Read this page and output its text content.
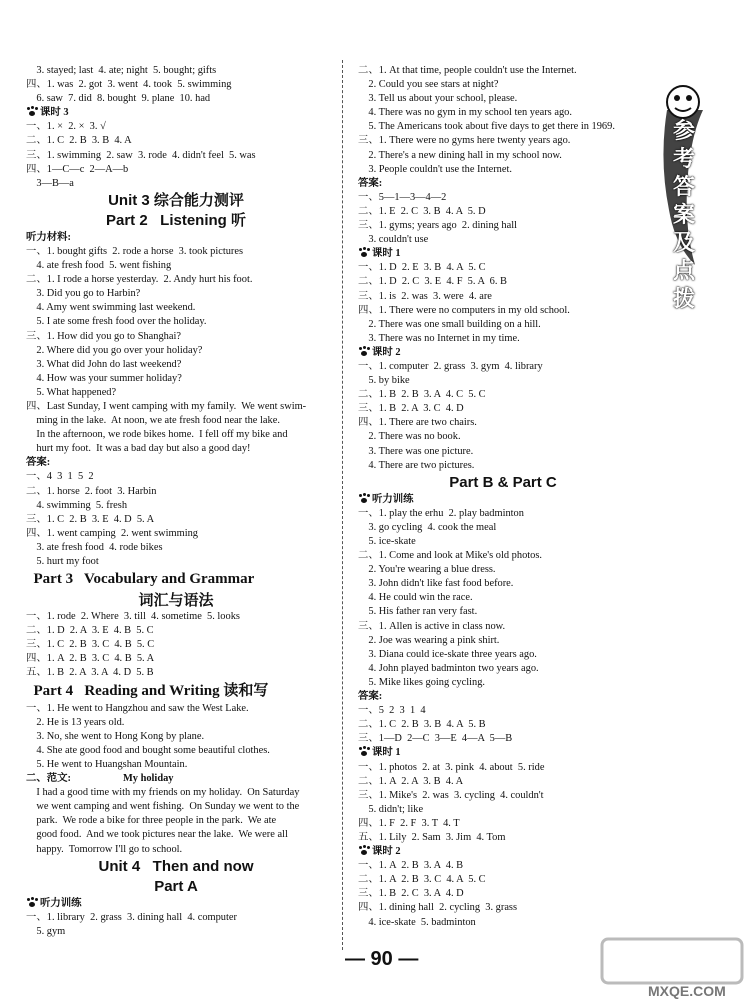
3. stayed; last  4. ate; night  5. bought; gifts
四、1. was  2. got  3. went  4. took  5. swimming
6. saw  7. did  8. bought  9. plane  10. had
课时 3
一、1. ×  2. ×  3. √
二、1. C  2. B  3. B  4. A
三、1. swimming  2. saw  3. rode  4. didn't feel  5. was
四、1—C—c  2—A—b
3—B—a
Unit 3 综合能力测评
Part 2   Listening 听
听力材料:
一、1. bought gifts  2. rode a horse  3. took pictures
4. ate fresh food  5. went fishing
二、1. I rode a horse yesterday.  2. Andy hurt his foot.
3. Did you go to Harbin?
4. Amy went swimming last weekend.
5. I ate some fresh food over the holiday.
三、1. How did you go to Shanghai?
2. Where did you go over your holiday?
3. What did John do last weekend?
4. How was your summer holiday?
5. What happened?
四、Last Sunday, I went camping with my family.  We went swim-
ming in the lake.  At noon, we ate fresh food near the lake.
In the afternoon, we rode bikes home.  I fell off my bike and
hurt my foot.  It was a bad day but also a good day!
答案:
一、4  3  1  5  2
二、1. horse  2. foot  3. Harbin
4. swimming  5. fresh
三、1. C  2. B  3. E  4. D  5. A
四、1. went camping  2. went swimming
3. ate fresh food  4. rode bikes
5. hurt my foot
Part 3   Vocabulary and Grammar
词汇与语法
一、1. rode  2. Where  3. till  4. sometime  5. looks
二、1. D  2. A  3. E  4. B  5. C
三、1. C  2. B  3. C  4. B  5. C
四、1. A  2. B  3. C  4. B  5. A
五、1. B  2. A  3. A  4. D  5. B
Part 4   Reading and Writing 读和写
一、1. He went to Hangzhou and saw the West Lake.
2. He is 13 years old.
3. No, she went to Hong Kong by plane.
4. She ate good food and bought some beautiful clothes.
5. He went to Huangshan Mountain.
二、范文:                    My holiday
I had a good time with my friends on my holiday.  On Saturday
we went camping and went fishing.  On Sunday we went to the
park.  We rode a bike for three people in the park.  We ate
good food.  And we took pictures near the lake.  We were all
happy.  Tomorrow I'll go to school.
Unit 4   Then and now
Part A
听力训练
一、1. library  2. grass  3. dining hall  4. computer
5. gym
二、1. At that time, people couldn't use the Internet.
2. Could you see stars at night?
3. Tell us about your school, please.
4. There was no gym in my school ten years ago.
5. The Americans took about five days to get there in 1969.
三、1. There were no gyms here twenty years ago.
2. There's a new dining hall in my school now.
3. People couldn't use the Internet.
答案:
一、5—1—3—4—2
二、1. E  2. C  3. B  4. A  5. D
三、1. gyms; years ago  2. dining hall
3. couldn't use
课时 1
一、1. D  2. E  3. B  4. A  5. C
二、1. D  2. C  3. E  4. F  5. A  6. B
三、1. is  2. was  3. were  4. are
四、1. There were no computers in my old school.
2. There was one small building on a hill.
3. There was no Internet in my time.
课时 2
一、1. computer  2. grass  3. gym  4. library
5. by bike
二、1. B  2. B  3. A  4. C  5. C
三、1. B  2. A  3. C  4. D
四、1. There are two chairs.
2. There was no book.
3. There was one picture.
4. There are two pictures.
Part B & Part C
听力训练
一、1. play the erhu  2. play badminton
3. go cycling  4. cook the meal
5. ice-skate
二、1. Come and look at Mike's old photos.
2. You're wearing a blue dress.
3. John didn't like fast food before.
4. He could win the race.
5. His father ran very fast.
三、1. Allen is active in class now.
2. Joe was wearing a pink shirt.
3. Diana could ice-skate three years ago.
4. John played badminton two years ago.
5. Mike likes going cycling.
答案:
一、5  2  3  1  4
二、1. C  2. B  3. B  4. A  5. B
三、1—D  2—C  3—E  4—A  5—B
课时 1
一、1. photos  2. at  3. pink  4. about  5. ride
二、1. A  2. A  3. B  4. A
三、1. Mike's  2. was  3. cycling  4. couldn't
5. didn't; like
四、1. F  2. F  3. T  4. T
五、1. Lily  2. Sam  3. Jim  4. Tom
课时 2
一、1. A  2. B  3. A  4. B
二、1. A  2. B  3. C  4. A  5. C
三、1. B  2. C  3. A  4. D
四、1. dining hall  2. cycling  3. grass
4. ice-skate  5. badminton
参考答案及点拨
— 90 —
MXQE.COM
